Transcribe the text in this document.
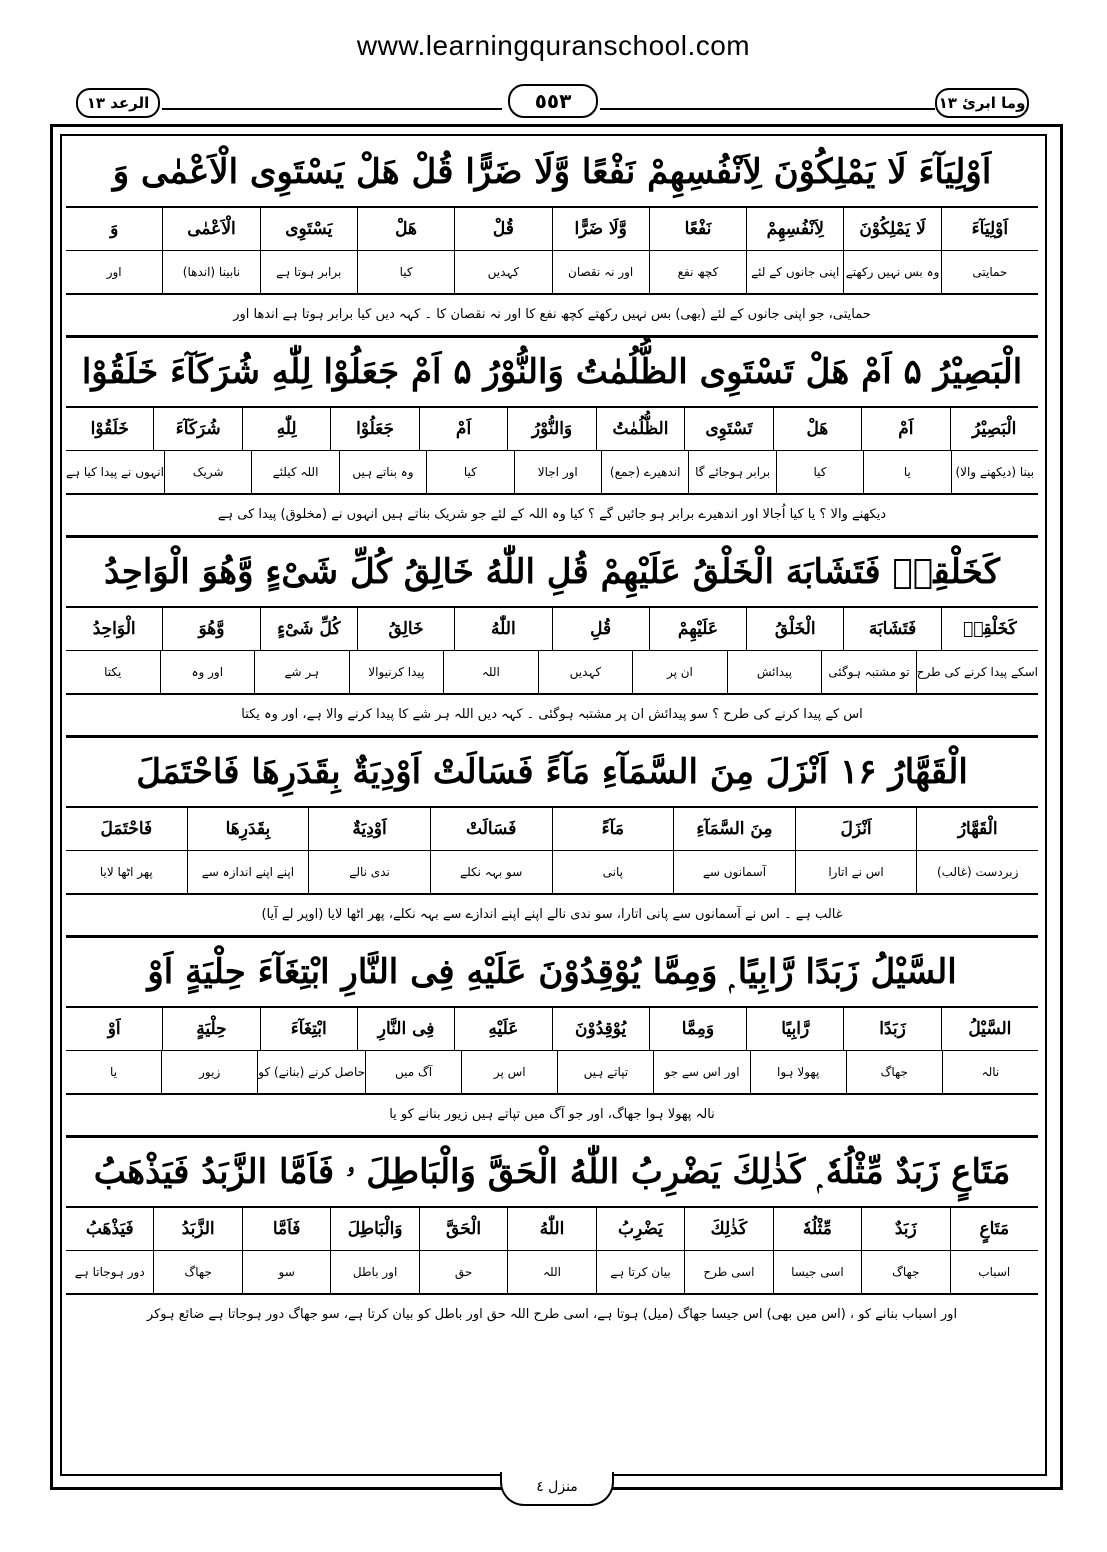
www.learningquranschool.com
الرعد ١٣	٥٥٣	وما ابرئ ١٣
اَوْلِيَآءَ لَا يَمْلِكُوْنَ لِاَنْفُسِهِمْ نَفْعًا وَّلَا ضَرًّا قُلْ هَلْ يَسْتَوِى الْاَعْمٰى وَ
اَوْلِيَآءَ
لَا يَمْلِكُوْنَ
لِاَنْفُسِهِمْ
نَفْعًا
وَّلَا ضَرًّا
قُلْ
هَلْ
يَسْتَوِى
الْاَعْمٰى
وَ
حمایتی
وہ بس نہیں رکھتے
اپنی جانوں کے لئے
کچھ نفع
اور نہ نقصان
کہدیں
کیا
برابر ہوتا ہے
نابینا (اندھا)
اور
حمایتی، جو اپنی جانوں کے لئے (بھی) بس نہیں رکھتے کچھ نفع کا اور نہ نقصان کا ۔ کہہ دیں کیا برابر ہوتا ہے اندھا اور
الْبَصِيْرُ ۵ اَمْ هَلْ تَسْتَوِى الظُّلُمٰتُ وَالنُّوْرُ ۵ اَمْ جَعَلُوْا لِلّٰهِ شُرَكَآءَ خَلَقُوْا
الْبَصِيْرُ
اَمْ
هَلْ
تَسْتَوِى
الظُّلُمٰتُ
وَالنُّوْرُ
اَمْ
جَعَلُوْا
لِلّٰهِ
شُرَكَآءَ
خَلَقُوْا
بینا (دیکھنے والا)
یا
کیا
برابر ہوجائے گا
اندھیرے (جمع)
اور اجالا
کیا
وہ بناتے ہیں
اللہ کیلئے
شریک
انہوں نے پیدا کیا ہے
دیکھنے والا ؟ یا کیا اُجالا اور اندھیرے برابر ہو جائیں گے ؟ کیا وہ اللہ کے لئے جو شریک بناتے ہیں انہوں نے (مخلوق) پیدا کی ہے
كَخَلْقِهٖ فَتَشَابَهَ الْخَلْقُ عَلَيْهِمْ قُلِ اللّٰهُ خَالِقُ كُلِّ شَىْءٍ وَّهُوَ الْوَاحِدُ
كَخَلْقِهٖ
فَتَشَابَهَ
الْخَلْقُ
عَلَيْهِمْ
قُلِ
اللّٰهُ
خَالِقُ
كُلِّ شَىْءٍ
وَّهُوَ
الْوَاحِدُ
اسکے پیدا کرنے کی طرح
تو مشتبہ ہوگئی
پیدائش
ان پر
کہدیں
اللہ
پیدا کرنیوالا
ہر شے
اور وہ
یکتا
اس کے پیدا کرنے کی طرح ؟ سو پیدائش ان پر مشتبہ ہوگئی ۔ کہہ دیں اللہ ہر شے کا پیدا کرنے والا ہے، اور وہ یکتا
الْقَهَّارُ ۱۶ اَنْزَلَ مِنَ السَّمَآءِ مَآءً فَسَالَتْ اَوْدِيَةٌ بِقَدَرِهَا فَاحْتَمَلَ
الْقَهَّارُ
اَنْزَلَ
مِنَ السَّمَآءِ
مَآءً
فَسَالَتْ
اَوْدِيَةٌ
بِقَدَرِهَا
فَاحْتَمَلَ
زبردست (غالب)
اس نے اتارا
آسمانوں سے
پانی
سو بہہ نکلے
ندی نالے
اپنے اپنے اندازہ سے
پھر اٹھا لایا
غالب ہے ۔ اس نے آسمانوں سے پانی اتارا، سو ندی نالے اپنے اپنے اندازے سے بہہ نکلے، پھر اٹھا لایا (اوپر لے آیا)
السَّيْلُ زَبَدًا رَّابِيًا ۭ وَمِمَّا يُوْقِدُوْنَ عَلَيْهِ فِى النَّارِ ابْتِغَآءَ حِلْيَةٍ اَوْ
السَّيْلُ
زَبَدًا
رَّابِيًا
وَمِمَّا
يُوْقِدُوْنَ
عَلَيْهِ
فِى النَّارِ
ابْتِغَآءَ
حِلْيَةٍ
اَوْ
نالہ
جھاگ
پھولا ہوا
اور اس سے جو
تپاتے ہیں
اس پر
آگ میں
حاصل کرنے (بنانے) کو
زیور
یا
نالہ پھولا ہوا جھاگ، اور جو آگ میں تپاتے ہیں زیور بنانے کو یا
مَتَاعٍ زَبَدٌ مِّثْلُهٗ ۭ كَذٰلِكَ يَضْرِبُ اللّٰهُ الْحَقَّ وَالْبَاطِلَ ۥ فَاَمَّا الزَّبَدُ فَيَذْهَبُ
مَتَاعٍ
زَبَدٌ
مِّثْلُهٗ
كَذٰلِكَ
يَضْرِبُ
اللّٰهُ
الْحَقَّ
وَالْبَاطِلَ
فَاَمَّا
الزَّبَدُ
فَيَذْهَبُ
اسباب
جھاگ
اسی جیسا
اسی طرح
بیان کرتا ہے
اللہ
حق
اور باطل
سو
جھاگ
دور ہوجاتا ہے
اور اسباب بنانے کو ، (اس میں بھی) اس جیسا جھاگ (میل) ہوتا ہے، اسی طرح اللہ حق اور باطل کو بیان کرتا ہے، سو جھاگ دور ہوجاتا ہے ضائع ہوکر
منزل ٤
